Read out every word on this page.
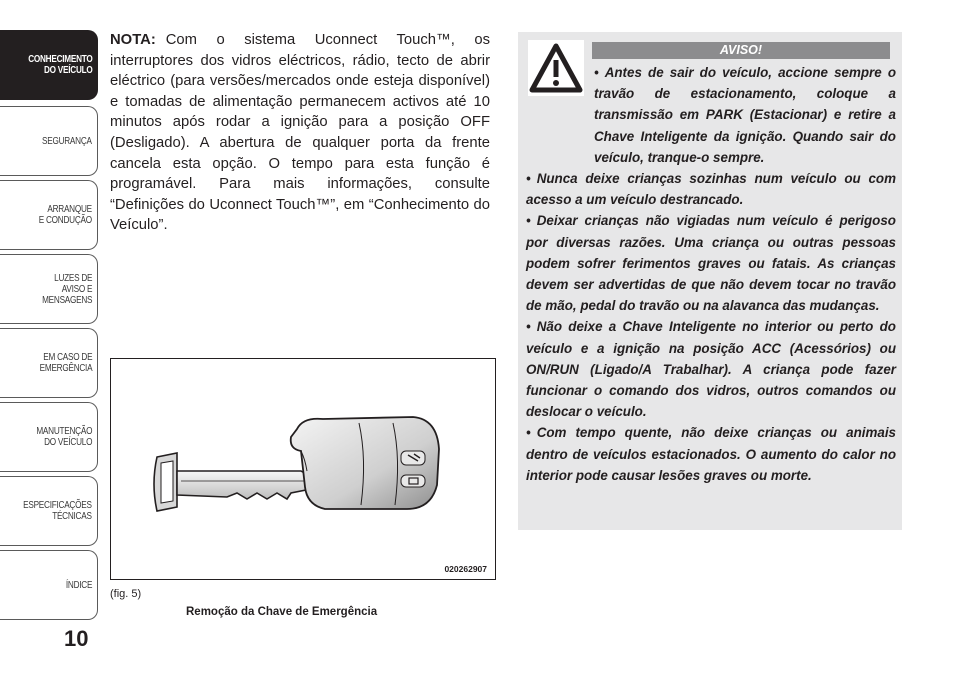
CONHECIMENTO
DO VEÍCULO
SEGURANÇA
ARRANQUE
E CONDUÇÃO
LUZES DE
AVISO E
MENSAGENS
EM CASO DE
EMERGÊNCIA
MANUTENÇÃO
DO VEÍCULO
ESPECIFICAÇÕES
TÉCNICAS
ÍNDICE
10

NOTA: Com o sistema Uconnect Touch™, os interruptores dos vidros eléctricos, rádio, tecto de abrir eléctrico (para versões/mercados onde esteja disponível) e tomadas de alimentação permanecem activos até 10 minutos após rodar a ignição para a posição OFF (Desligado). A abertura de qualquer porta da frente cancela esta opção. O tempo para esta função é programável. Para mais informações, consulte “Definições do Uconnect Touch™”, em “Conhecimento do Veículo”.

020262907
(fig. 5)
Remoção da Chave de Emergência
AVISO!

• Antes de sair do veículo, accione sempre o travão de estacionamento, coloque a transmissão em PARK (Estacionar) e retire a Chave Inteligente da ignição. Quando sair do veículo, tranque-o sempre.

• Nunca deixe crianças sozinhas num veículo ou com acesso a um veículo destrancado.

• Deixar crianças não vigiadas num veículo é perigoso por diversas razões. Uma criança ou outras pessoas podem sofrer ferimentos graves ou fatais. As crianças devem ser advertidas de que não devem tocar no travão de mão, pedal do travão ou na alavanca das mudanças.

• Não deixe a Chave Inteligente no interior ou perto do veículo e a ignição na posição ACC (Acessórios) ou ON/RUN (Ligado/A Trabalhar). A criança pode fazer funcionar o comando dos vidros, outros comandos ou deslocar o veículo.

• Com tempo quente, não deixe crianças ou animais dentro de veículos estacionados. O aumento do calor no interior pode causar lesões graves ou morte.
